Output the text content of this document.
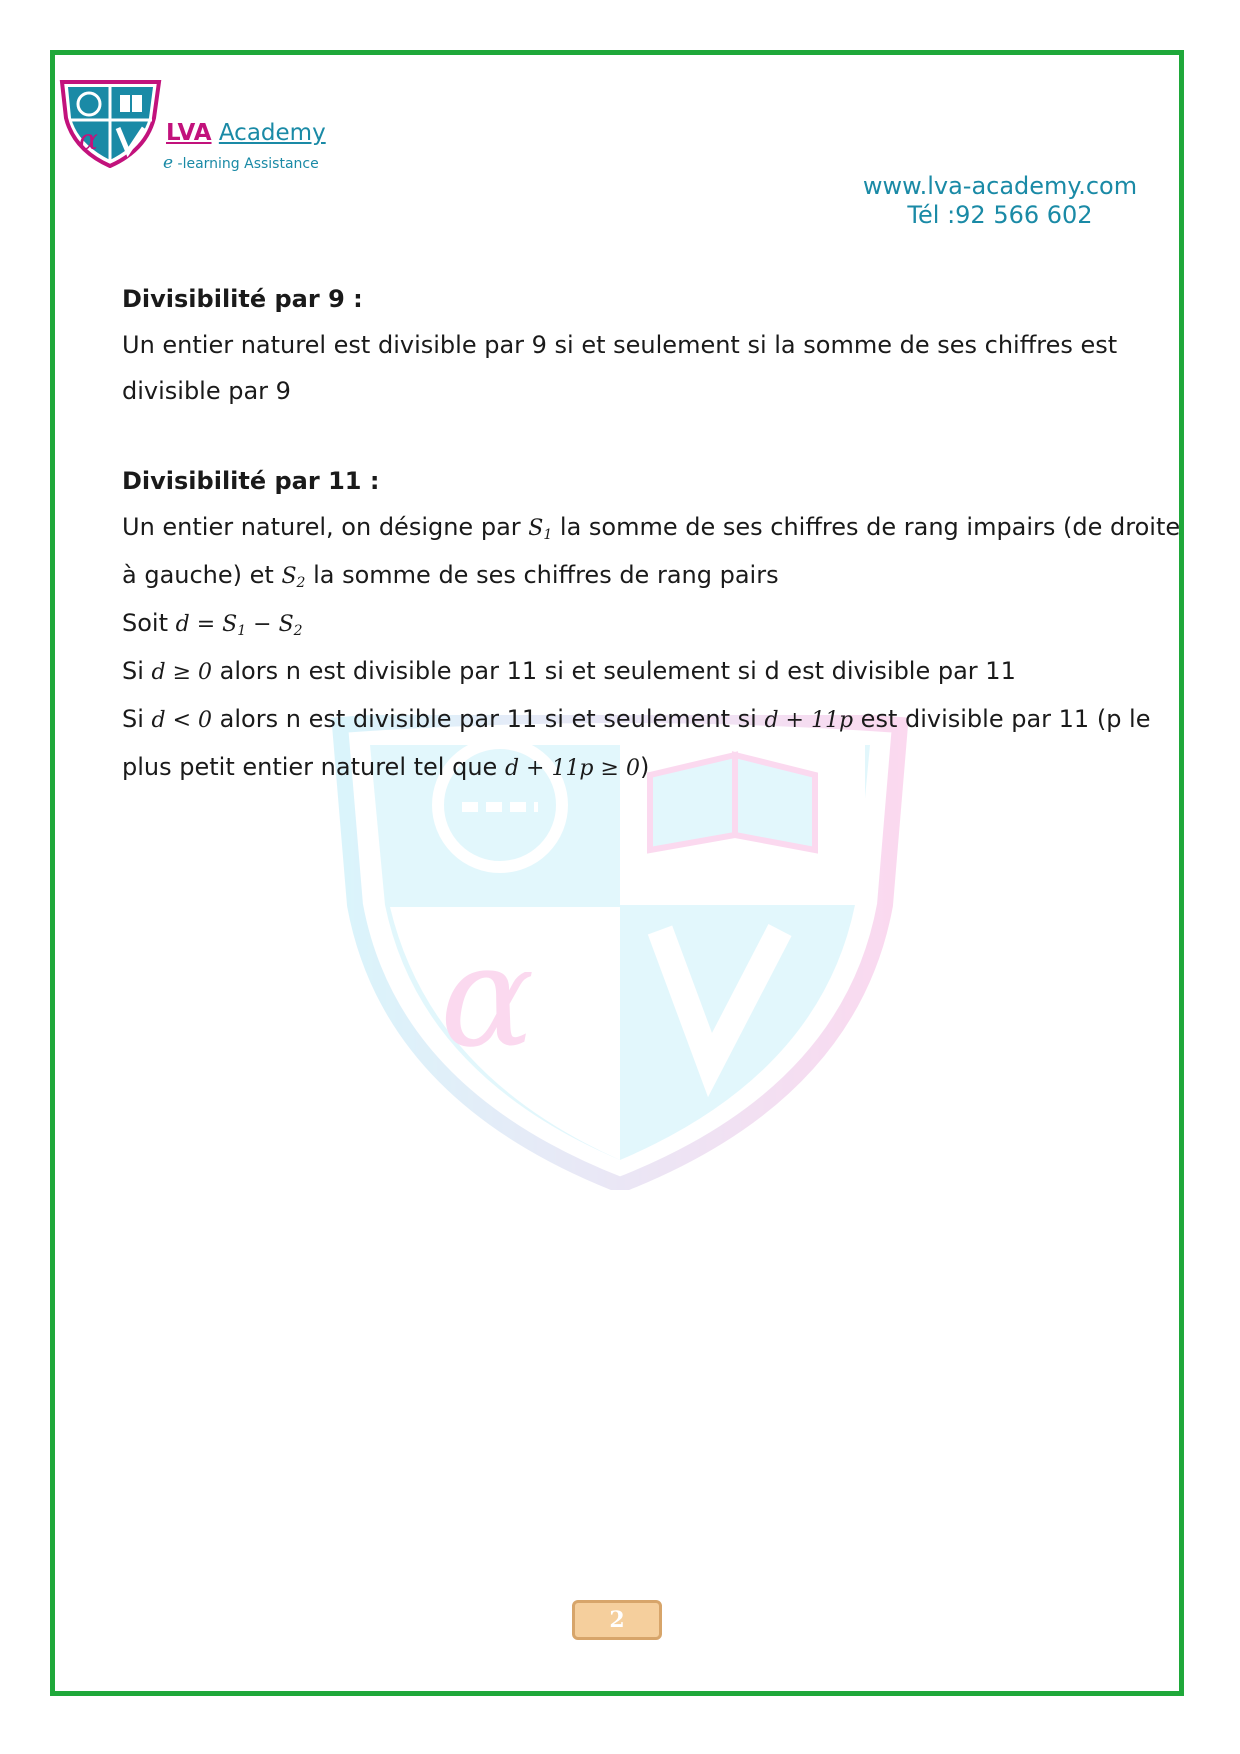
α	LVA Academy
e -learning Assistance
www.lva-academy.com
Tél :92 566 602
α
Divisibilité par 9 :

Un entier naturel est divisible par 9 si et seulement si la somme de ses chiffres est divisible par 9

Divisibilité par 11 :

Un entier naturel, on désigne par $S_1$ la somme de ses chiffres de rang impairs (de droite à gauche) et $S_2$ la somme de ses chiffres de rang pairs

Soit $d = S_1 - S_2$

Si d ≥ 0 alors n est divisible par 11 si et seulement si d est divisible par 11

Si d < 0 alors n est divisible par 11 si et seulement si d + 11p est divisible par 11 (p le plus petit entier naturel tel que d + 11p ≥ 0)

2
